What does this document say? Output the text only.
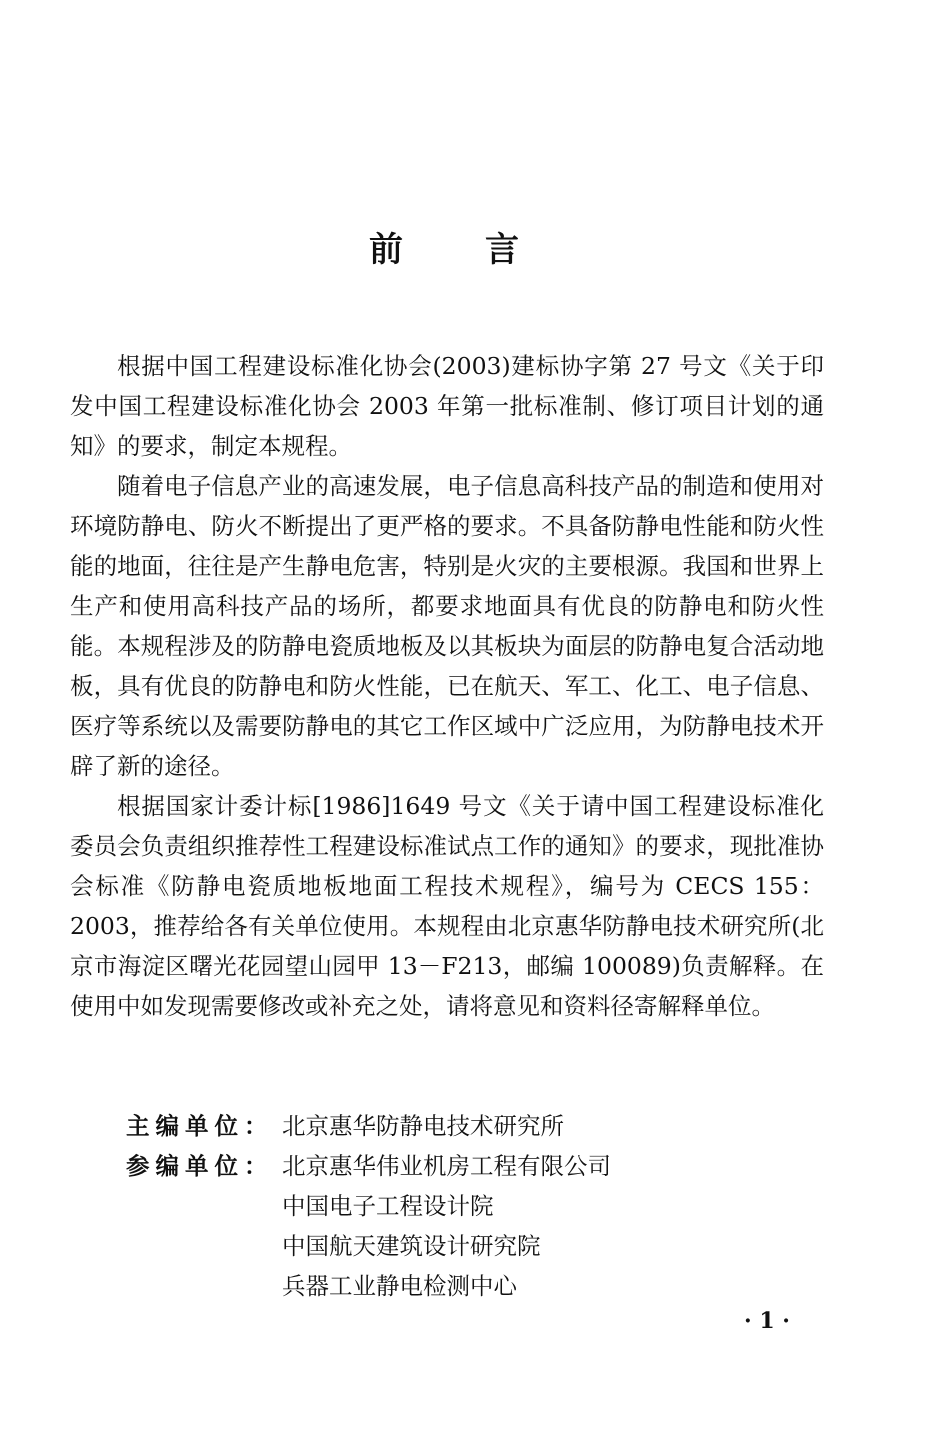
前 言

根据中国工程建设标准化协会(2003)建标协字第 27 号文《关于印发中国工程建设标准化协会 2003 年第一批标准制、修订项目计划的通知》的要求，制定本规程。

随着电子信息产业的高速发展，电子信息高科技产品的制造和使用对环境防静电、防火不断提出了更严格的要求。不具备防静电性能和防火性能的地面，往往是产生静电危害，特别是火灾的主要根源。我国和世界上生产和使用高科技产品的场所，都要求地面具有优良的防静电和防火性能。本规程涉及的防静电瓷质地板及以其板块为面层的防静电复合活动地板，具有优良的防静电和防火性能，已在航天、军工、化工、电子信息、医疗等系统以及需要防静电的其它工作区域中广泛应用，为防静电技术开辟了新的途径。

根据国家计委计标[1986]1649 号文《关于请中国工程建设标准化委员会负责组织推荐性工程建设标准试点工作的通知》的要求，现批准协会标准《防静电瓷质地板地面工程技术规程》，编号为 CECS 155：2003，推荐给各有关单位使用。本规程由北京惠华防静电技术研究所(北京市海淀区曙光花园望山园甲 13－F213，邮编 100089)负责解释。在使用中如发现需要修改或补充之处，请将意见和资料径寄解释单位。

主编单位： 北京惠华防静电技术研究所
参编单位： 北京惠华伟业机房工程有限公司
中国电子工程设计院
中国航天建筑设计研究院
兵器工业静电检测中心
· 1 ·
